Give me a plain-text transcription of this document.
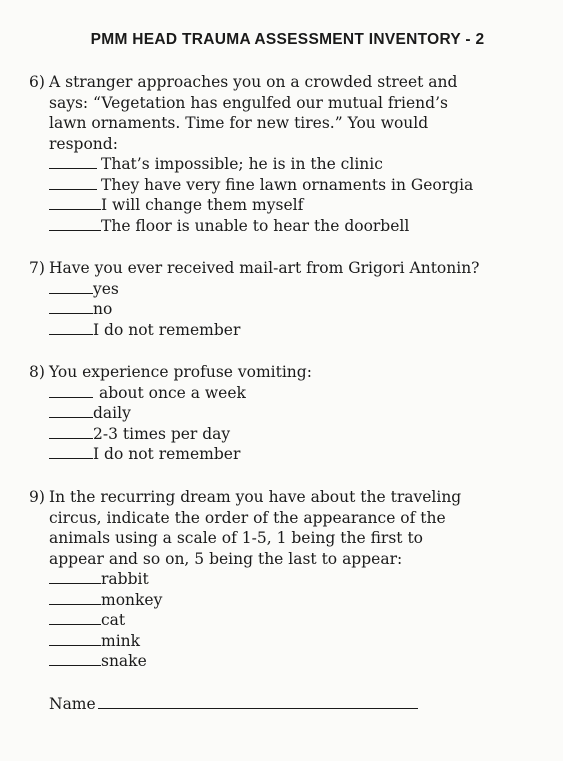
PMM HEAD TRAUMA ASSESSMENT INVENTORY - 2
6) A stranger approaches you on a crowded street and
says: “Vegetation has engulfed our mutual friend’s
lawn ornaments. Time for new tires.” You would
respond:
That’s impossible; he is in the clinic
They have very fine lawn ornaments in Georgia
I will change them myself
The floor is unable to hear the doorbell
7) Have you ever received mail-art from Grigori Antonin?
yes
no
I do not remember
8) You experience profuse vomiting:
about once a week
daily
2-3 times per day
I do not remember
9) In the recurring dream you have about the traveling
circus, indicate the order of the appearance of the
animals using a scale of 1-5, 1 being the first to
appear and so on, 5 being the last to appear:
rabbit
monkey
cat
mink
snake
Name
